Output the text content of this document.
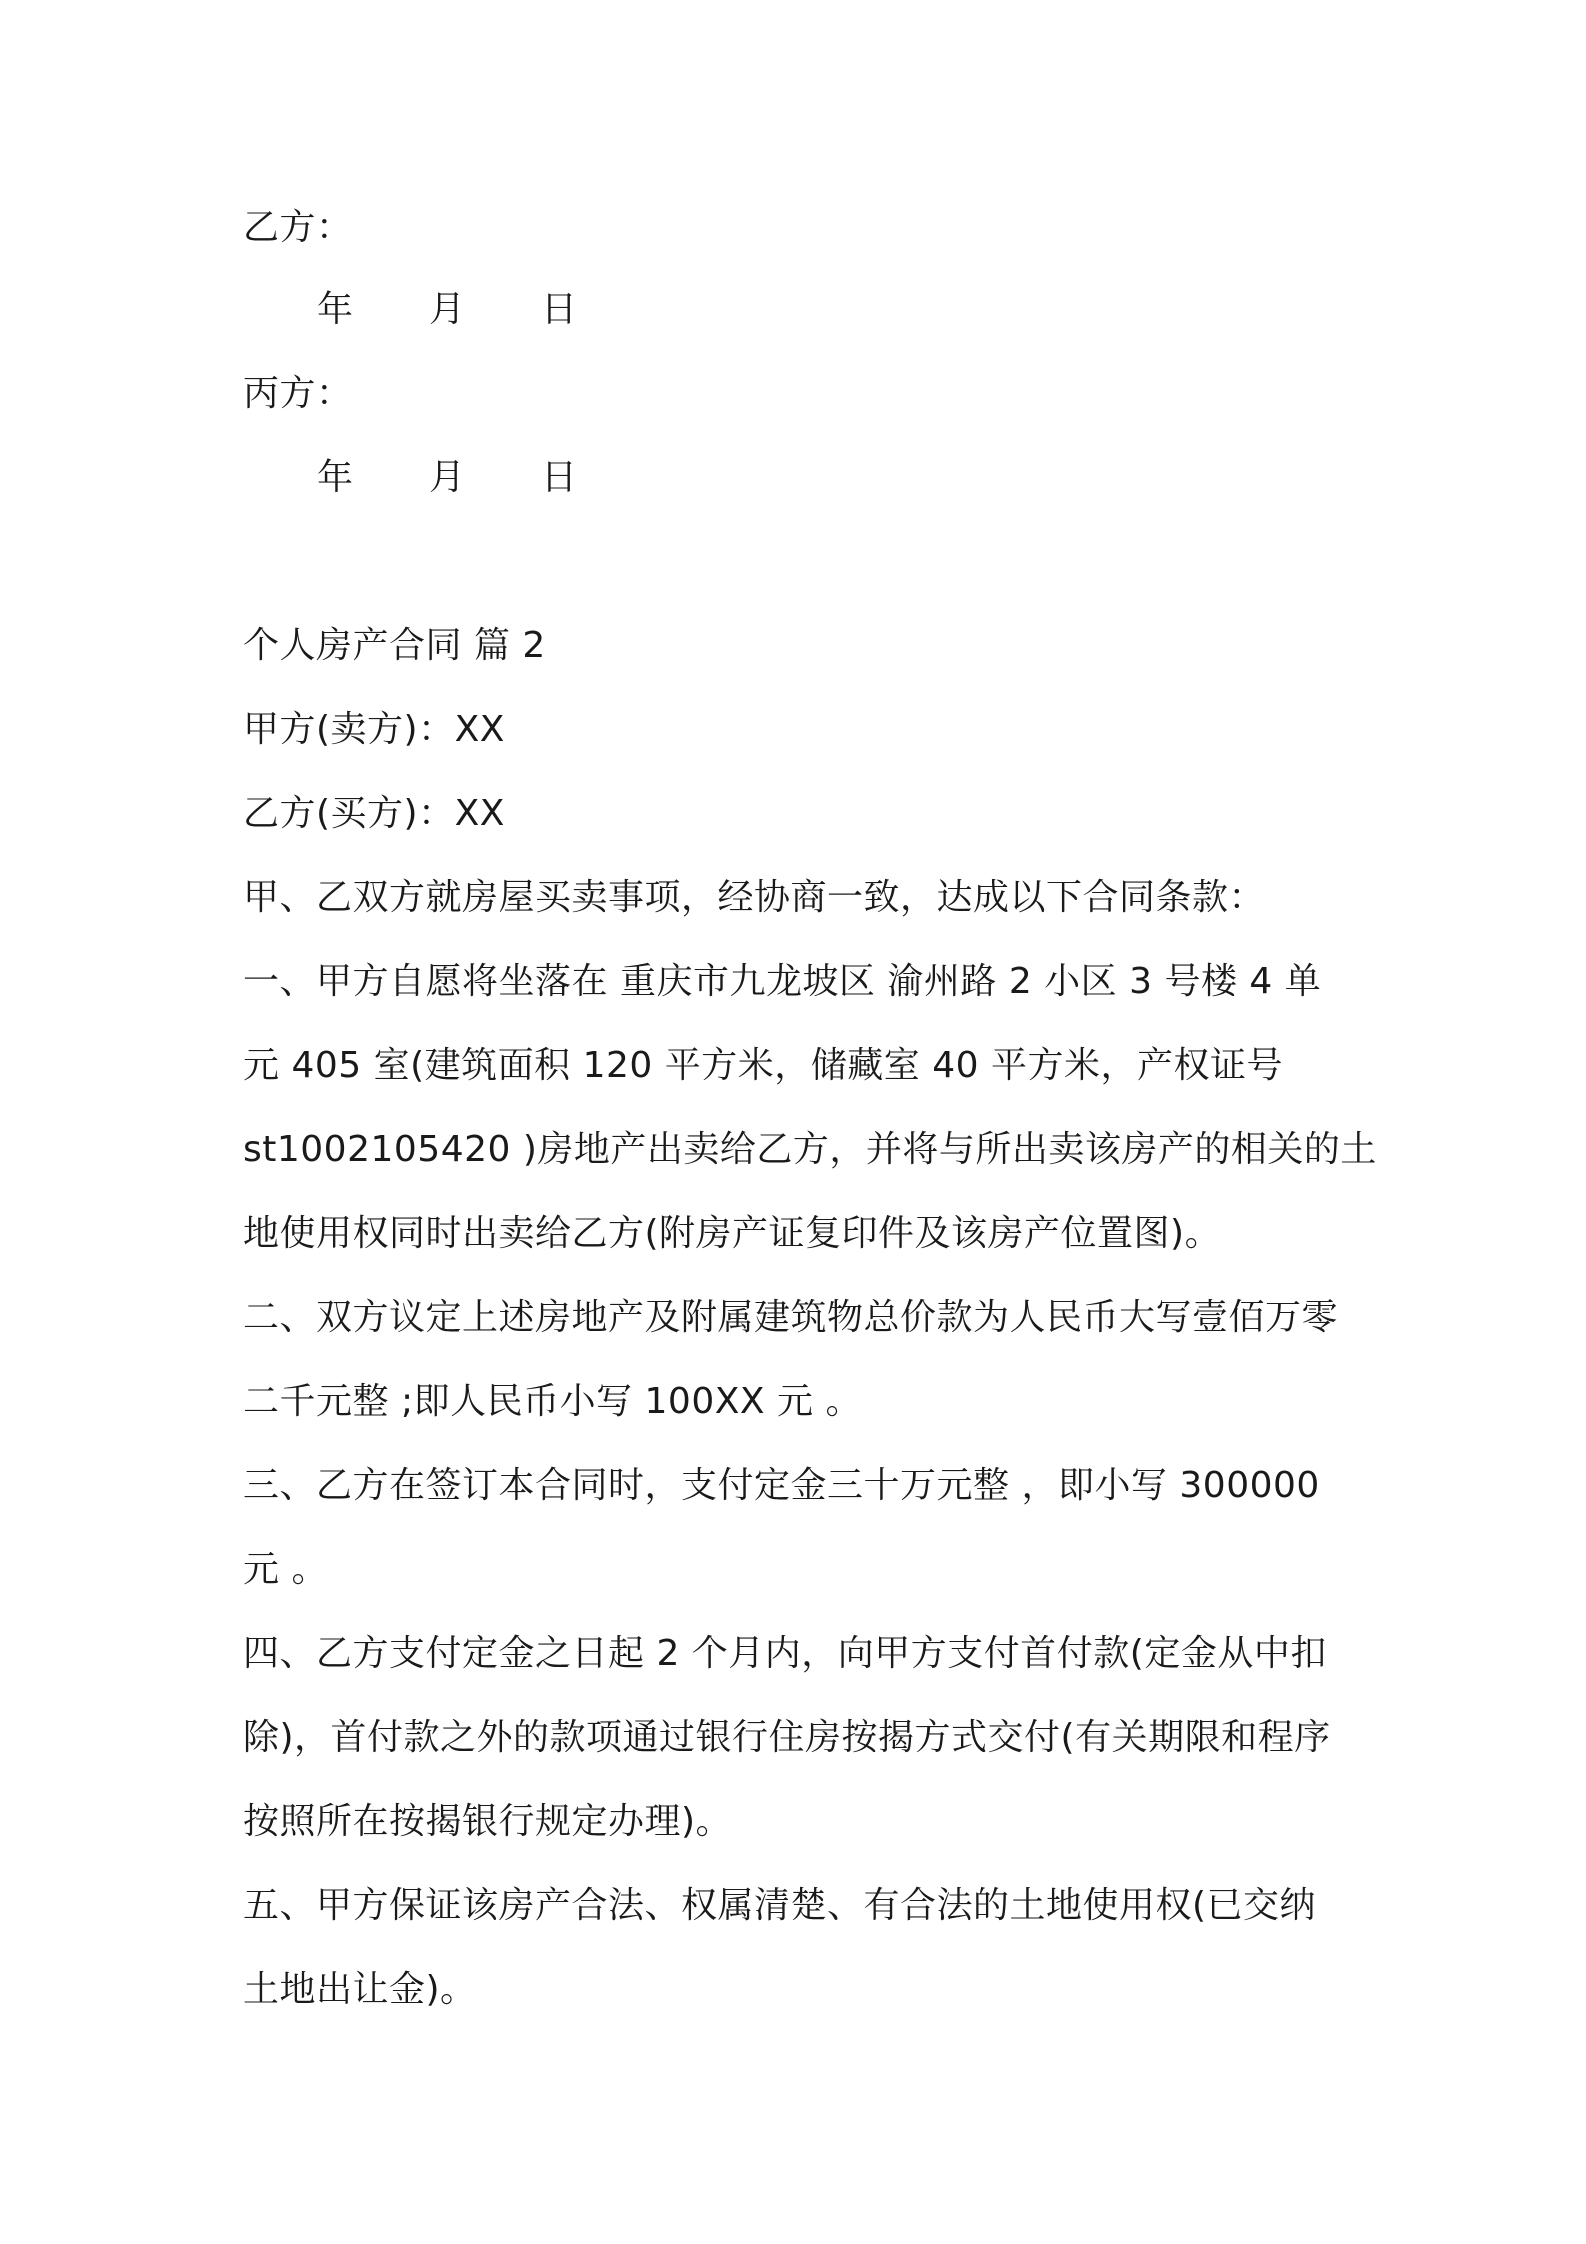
乙方：
年 月 日
丙方：
年 月 日
个人房产合同 篇 2
甲方(卖方)：XX
乙方(买方)：XX
甲、乙双方就房屋买卖事项，经协商一致，达成以下合同条款：
一、甲方自愿将坐落在 重庆市九龙坡区 渝州路 2 小区 3 号楼 4 单
元 405 室(建筑面积 120 平方米，储藏室 40 平方米，产权证号
st1002105420 )房地产出卖给乙方，并将与所出卖该房产的相关的土
地使用权同时出卖给乙方(附房产证复印件及该房产位置图)。
二、双方议定上述房地产及附属建筑物总价款为人民币大写壹佰万零
二千元整 ;即人民币小写 100XX 元 。
三、乙方在签订本合同时，支付定金三十万元整 ，即小写 300000
元 。
四、乙方支付定金之日起 2 个月内，向甲方支付首付款(定金从中扣
除)，首付款之外的款项通过银行住房按揭方式交付(有关期限和程序
按照所在按揭银行规定办理)。
五、甲方保证该房产合法、权属清楚、有合法的土地使用权(已交纳
土地出让金)。
